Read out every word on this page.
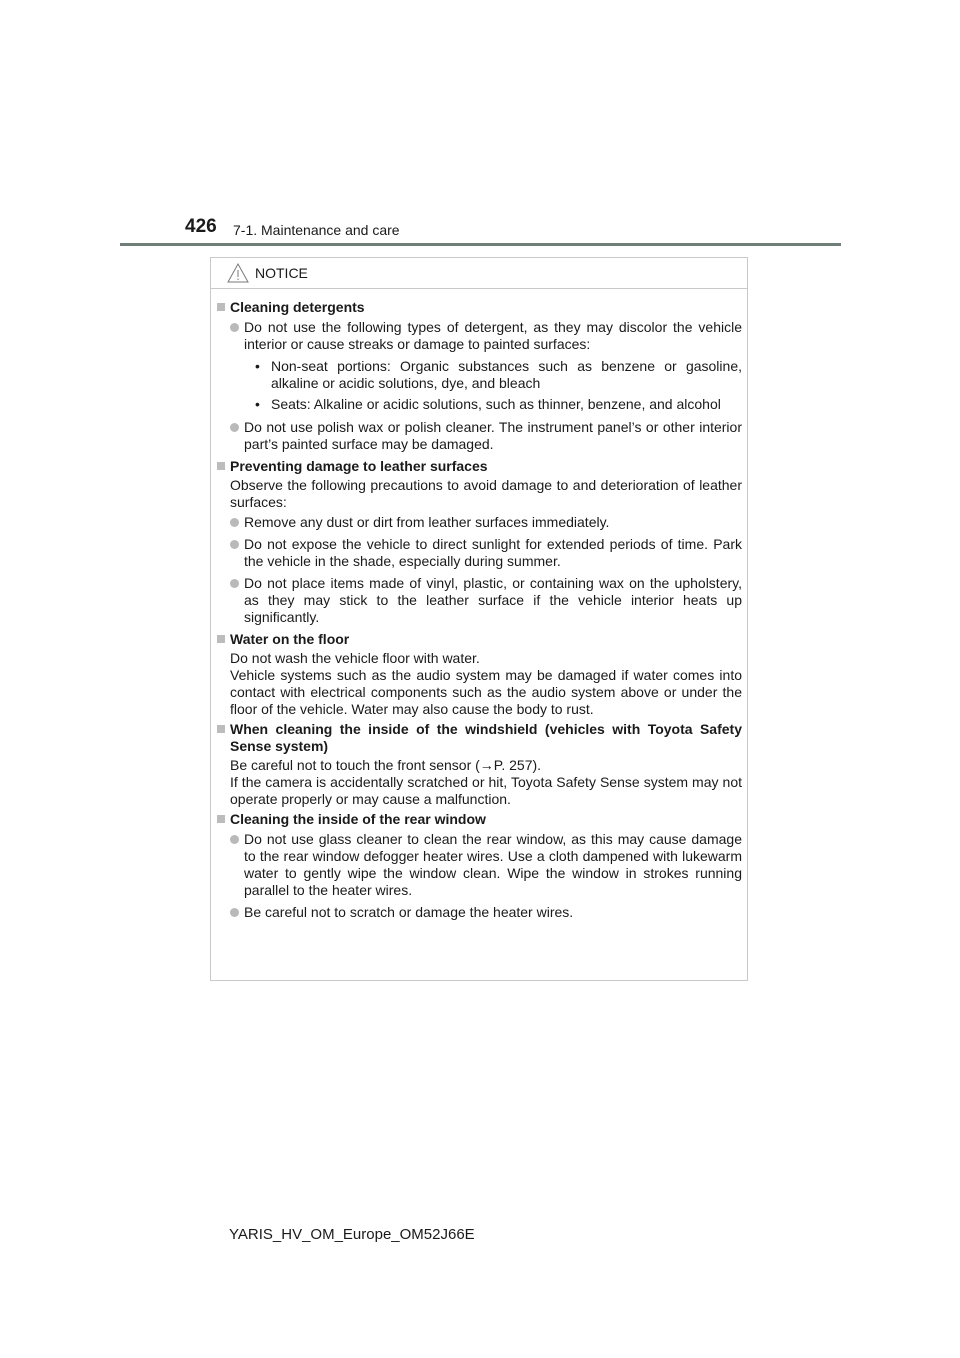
426 7-1. Maintenance and care
NOTICE
Cleaning detergents
Do not use the following types of detergent, as they may discolor the vehicle interior or cause streaks or damage to painted surfaces:
• Non-seat portions: Organic substances such as benzene or gasoline, alkaline or acidic solutions, dye, and bleach
• Seats: Alkaline or acidic solutions, such as thinner, benzene, and alcohol
Do not use polish wax or polish cleaner. The instrument panel’s or other interior part’s painted surface may be damaged.
Preventing damage to leather surfaces
Observe the following precautions to avoid damage to and deterioration of leather surfaces:
Remove any dust or dirt from leather surfaces immediately.
Do not expose the vehicle to direct sunlight for extended periods of time. Park the vehicle in the shade, especially during summer.
Do not place items made of vinyl, plastic, or containing wax on the upholstery, as they may stick to the leather surface if the vehicle interior heats up significantly.
Water on the floor
Do not wash the vehicle floor with water.
Vehicle systems such as the audio system may be damaged if water comes into contact with electrical components such as the audio system above or under the floor of the vehicle. Water may also cause the body to rust.
When cleaning the inside of the windshield (vehicles with Toyota Safety Sense system)
Be careful not to touch the front sensor (→P. 257).
If the camera is accidentally scratched or hit, Toyota Safety Sense system may not operate properly or may cause a malfunction.
Cleaning the inside of the rear window
Do not use glass cleaner to clean the rear window, as this may cause damage to the rear window defogger heater wires. Use a cloth dampened with lukewarm water to gently wipe the window clean. Wipe the window in strokes running parallel to the heater wires.
Be careful not to scratch or damage the heater wires.
YARIS_HV_OM_Europe_OM52J66E
